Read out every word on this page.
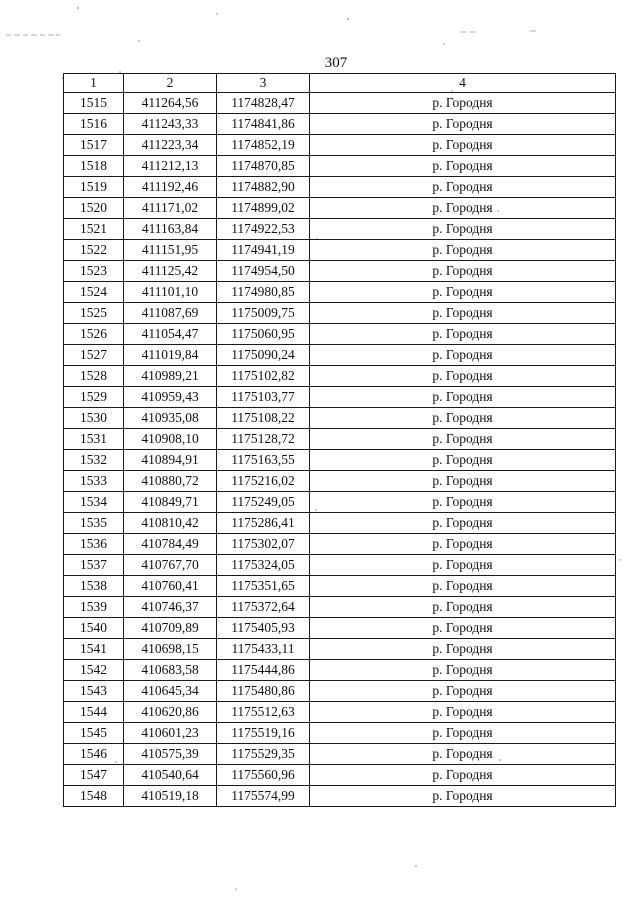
307
1	2	3	4
1515	411264,56	1174828,47	р. Городня
1516	411243,33	1174841,86	р. Городня
1517	411223,34	1174852,19	р. Городня
1518	411212,13	1174870,85	р. Городня
1519	411192,46	1174882,90	р. Городня
1520	411171,02	1174899,02	р. Городня
1521	411163,84	1174922,53	р. Городня
1522	411151,95	1174941,19	р. Городня
1523	411125,42	1174954,50	р. Городня
1524	411101,10	1174980,85	р. Городня
1525	411087,69	1175009,75	р. Городня
1526	411054,47	1175060,95	р. Городня
1527	411019,84	1175090,24	р. Городня
1528	410989,21	1175102,82	р. Городня
1529	410959,43	1175103,77	р. Городня
1530	410935,08	1175108,22	р. Городня
1531	410908,10	1175128,72	р. Городня
1532	410894,91	1175163,55	р. Городня
1533	410880,72	1175216,02	р. Городня
1534	410849,71	1175249,05	р. Городня
1535	410810,42	1175286,41	р. Городня
1536	410784,49	1175302,07	р. Городня
1537	410767,70	1175324,05	р. Городня
1538	410760,41	1175351,65	р. Городня
1539	410746,37	1175372,64	р. Городня
1540	410709,89	1175405,93	р. Городня
1541	410698,15	1175433,11	р. Городня
1542	410683,58	1175444,86	р. Городня
1543	410645,34	1175480,86	р. Городня
1544	410620,86	1175512,63	р. Городня
1545	410601,23	1175519,16	р. Городня
1546	410575,39	1175529,35	р. Городня
1547	410540,64	1175560,96	р. Городня
1548	410519,18	1175574,99	р. Городня
